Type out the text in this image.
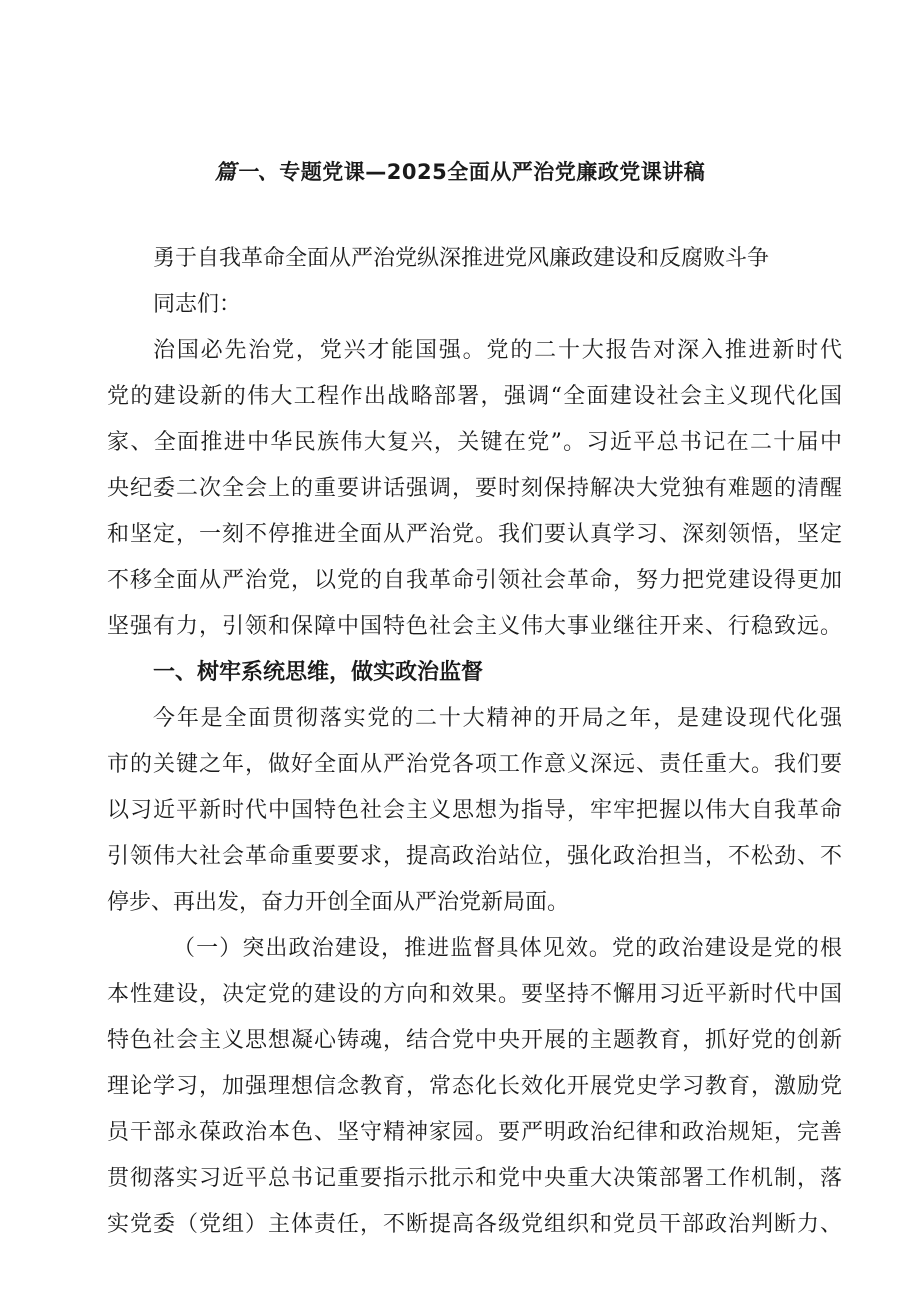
篇一、专题党课—2025全面从严治党廉政党课讲稿
勇于自我革命全面从严治党纵深推进党风廉政建设和反腐败斗争
同志们：
治国必先治党，党兴才能国强。党的二十大报告对深入推进新时代
党的建设新的伟大工程作出战略部署，强调“全面建设社会主义现代化国
家、全面推进中华民族伟大复兴，关键在党”。习近平总书记在二十届中
央纪委二次全会上的重要讲话强调，要时刻保持解决大党独有难题的清醒
和坚定，一刻不停推进全面从严治党。我们要认真学习、深刻领悟，坚定
不移全面从严治党，以党的自我革命引领社会革命，努力把党建设得更加
坚强有力，引领和保障中国特色社会主义伟大事业继往开来、行稳致远。
一、树牢系统思维，做实政治监督
今年是全面贯彻落实党的二十大精神的开局之年，是建设现代化强
市的关键之年，做好全面从严治党各项工作意义深远、责任重大。我们要
以习近平新时代中国特色社会主义思想为指导，牢牢把握以伟大自我革命
引领伟大社会革命重要要求，提高政治站位，强化政治担当，不松劲、不
停步、再出发，奋力开创全面从严治党新局面。
（一）突出政治建设，推进监督具体见效。党的政治建设是党的根
本性建设，决定党的建设的方向和效果。要坚持不懈用习近平新时代中国
特色社会主义思想凝心铸魂，结合党中央开展的主题教育，抓好党的创新
理论学习，加强理想信念教育，常态化长效化开展党史学习教育，激励党
员干部永葆政治本色、坚守精神家园。要严明政治纪律和政治规矩，完善
贯彻落实习近平总书记重要指示批示和党中央重大决策部署工作机制，落
实党委（党组）主体责任，不断提高各级党组织和党员干部政治判断力、
